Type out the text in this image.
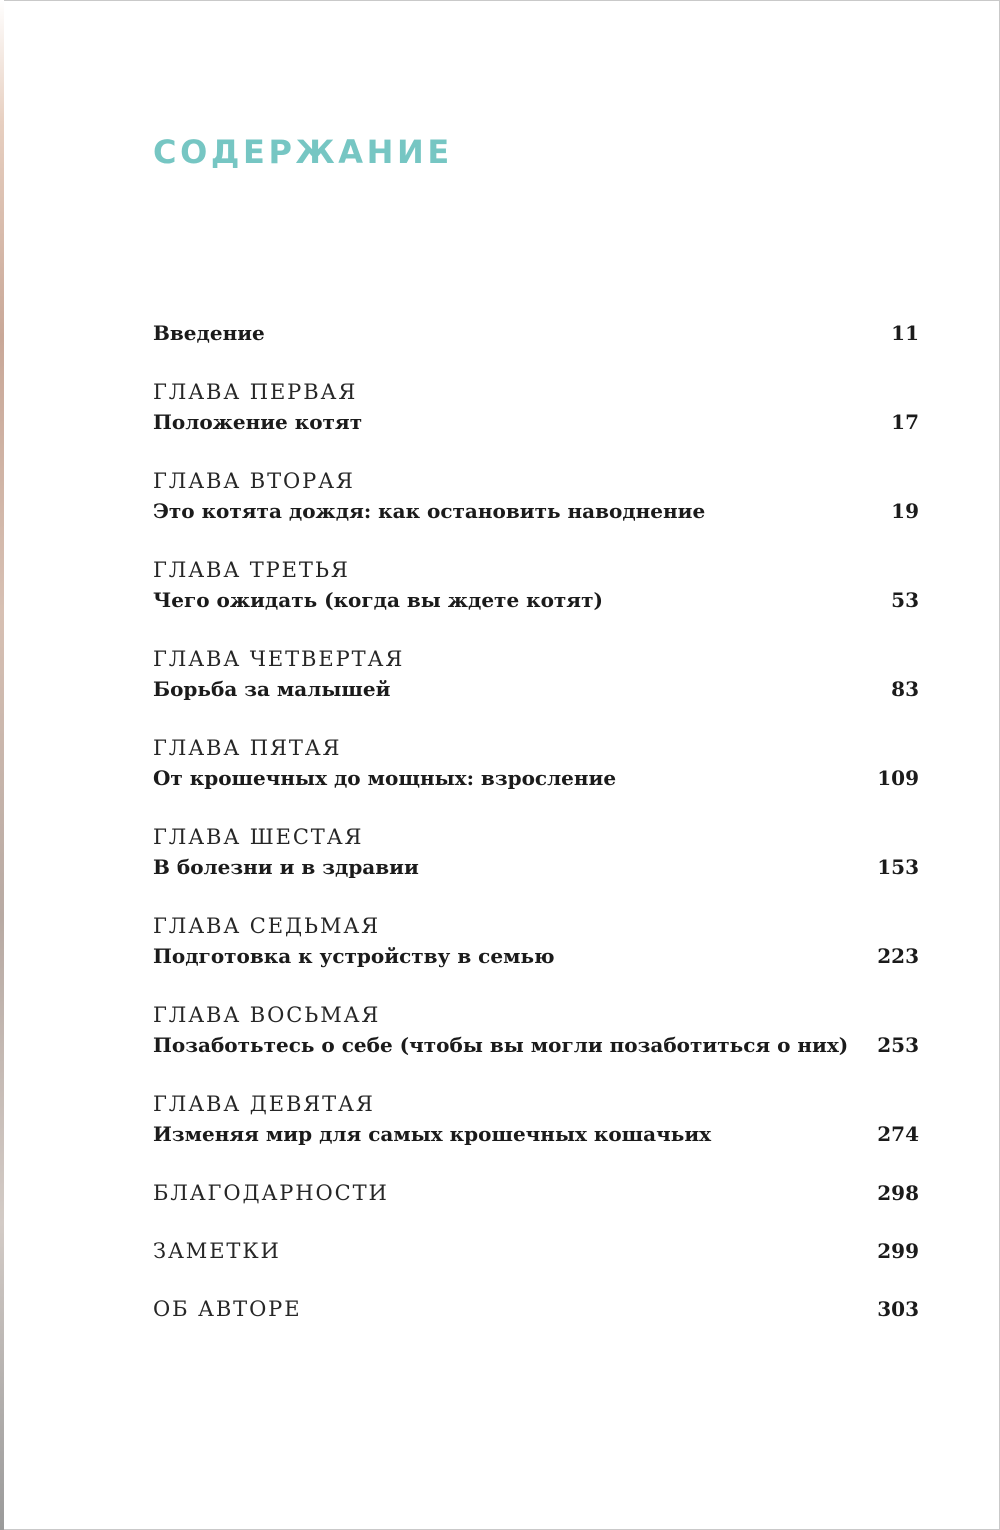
СОДЕРЖАНИЕ
Введение	11
ГЛАВА ПЕРВАЯ
Положение котят	17
ГЛАВА ВТОРАЯ
Это котята дождя: как остановить наводнение	19
ГЛАВА ТРЕТЬЯ
Чего ожидать (когда вы ждете котят)	53
ГЛАВА ЧЕТВЕРТАЯ
Борьба за малышей	83
ГЛАВА ПЯТАЯ
От крошечных до мощных: взросление	109
ГЛАВА ШЕСТАЯ
В болезни и в здравии	153
ГЛАВА СЕДЬМАЯ
Подготовка к устройству в семью	223
ГЛАВА ВОСЬМАЯ
Позаботьтесь о себе (чтобы вы могли позаботиться о них) 253
ГЛАВА ДЕВЯТАЯ
Изменяя мир для самых крошечных кошачьих	274
БЛАГОДАРНОСТИ	298
ЗАМЕТКИ	299
ОБ АВТОРЕ	303
